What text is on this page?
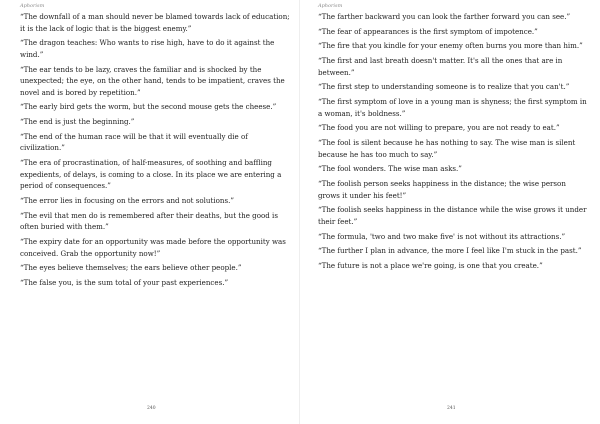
Aphorism

“The downfall of a man should never be blamed towards lack of education; it is the lack of logic that is the biggest enemy.”

“The dragon teaches: Who wants to rise high, have to do it against the wind.”

“The ear tends to be lazy, craves the familiar and is shocked by the unexpected; the eye, on the other hand, tends to be impatient, craves the novel and is bored by repetition.”

“The early bird gets the worm, but the second mouse gets the cheese.”

“The end is just the beginning.”

“The end of the human race will be that it will eventually die of civilization.”

“The era of procrastination, of half-measures, of soothing and baffling expedients, of delays, is coming to a close. In its place we are entering a period of consequences.”

“The error lies in focusing on the errors and not solutions.”

“The evil that men do is remembered after their deaths, but the good is often buried with them.”

“The expiry date for an opportunity was made before the opportunity was conceived. Grab the opportunity now!”

“The eyes believe themselves; the ears believe other people.”

“The false you, is the sum total of your past experiences.”

240
Aphorism

“The farther backward you can look the farther forward you can see.”

“The fear of appearances is the first symptom of impotence.”

“The fire that you kindle for your enemy often burns you more than him.”

“The first and last breath doesn't matter. It's all the ones that are in between.”

“The first step to understanding someone is to realize that you can't.”

“The first symptom of love in a young man is shyness; the first symptom in a woman, it's boldness.”

“The food you are not willing to prepare, you are not ready to eat.”

“The fool is silent because he has nothing to say. The wise man is silent because he has too much to say.”

“The fool wonders. The wise man asks.”

“The foolish person seeks happiness in the distance; the wise person grows it under his feet!”

“The foolish seeks happiness in the distance while the wise grows it under their feet.”

“The formula, 'two and two make five' is not without its attractions.”

“The further I plan in advance, the more I feel like I'm stuck in the past.”

“The future is not a place we're going, is one that you create.”

241
